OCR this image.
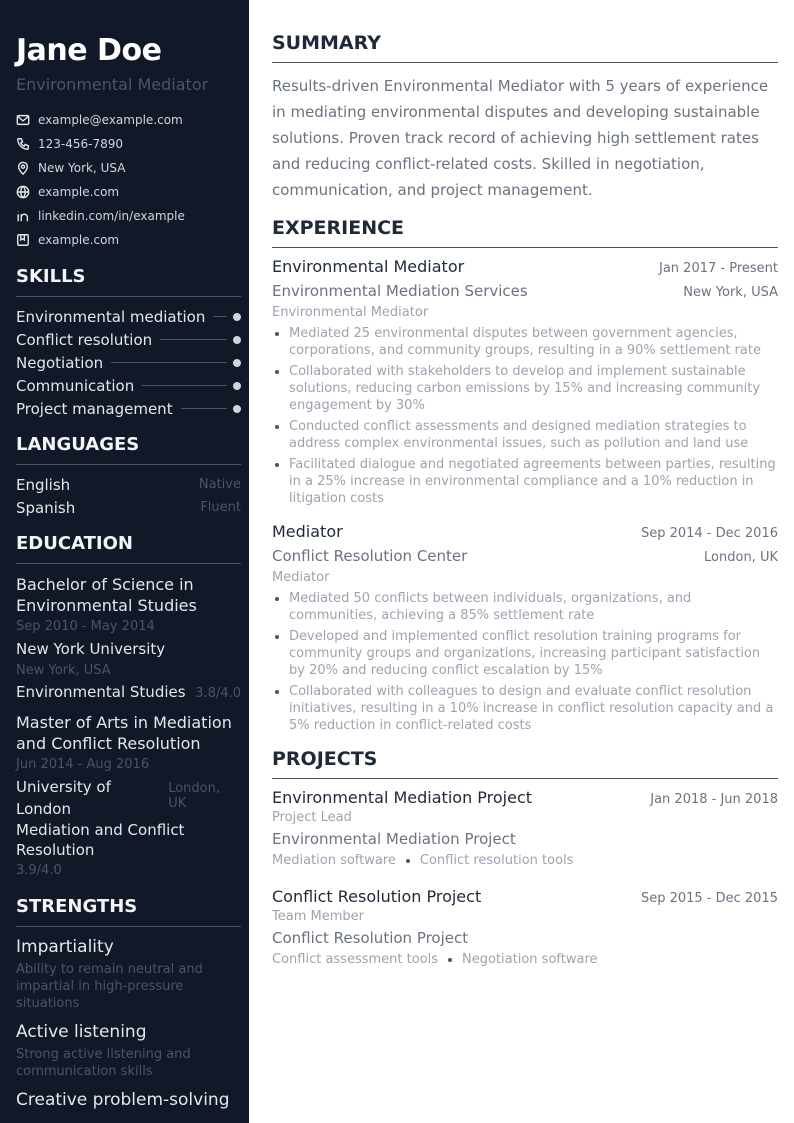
Jane Doe
Environmental Mediator
example@example.com
123-456-7890
New York, USA
example.com
linkedin.com/in/example
example.com
SKILLS
Environmental mediation
Conflict resolution
Negotiation
Communication
Project management
LANGUAGES
English	Native
Spanish	Fluent
EDUCATION
Bachelor of Science in Environmental Studies
Sep 2010 - May 2014
New York University
New York, USA
Environmental Studies 3.8/4.0
Master of Arts in Mediation and Conflict Resolution
Jun 2014 - Aug 2016
University of London
London, UK
Mediation and Conflict Resolution
3.9/4.0
STRENGTHS
Impartiality
Ability to remain neutral and impartial in high-pressure situations
Active listening
Strong active listening and communication skills
Creative problem-solving
SUMMARY

Results-driven Environmental Mediator with 5 years of experience in mediating environmental disputes and developing sustainable solutions. Proven track record of achieving high settlement rates and reducing conflict-related costs. Skilled in negotiation, communication, and project management.

EXPERIENCE
Environmental Mediator	Jan 2017 - Present
Environmental Mediation Services	New York, USA
Environmental Mediator
Mediated 25 environmental disputes between government agencies, corporations, and community groups, resulting in a 90% settlement rate
Collaborated with stakeholders to develop and implement sustainable solutions, reducing carbon emissions by 15% and increasing community engagement by 30%
Conducted conflict assessments and designed mediation strategies to address complex environmental issues, such as pollution and land use
Facilitated dialogue and negotiated agreements between parties, resulting in a 25% increase in environmental compliance and a 10% reduction in litigation costs
Mediator	Sep 2014 - Dec 2016
Conflict Resolution Center	London, UK
Mediator
Mediated 50 conflicts between individuals, organizations, and communities, achieving a 85% settlement rate
Developed and implemented conflict resolution training programs for community groups and organizations, increasing participant satisfaction by 20% and reducing conflict escalation by 15%
Collaborated with colleagues to design and evaluate conflict resolution initiatives, resulting in a 10% increase in conflict resolution capacity and a 5% reduction in conflict-related costs
PROJECTS
Environmental Mediation Project	Jan 2018 - Jun 2018
Project Lead
Environmental Mediation Project
Mediation software Conflict resolution tools
Conflict Resolution Project	Sep 2015 - Dec 2015
Team Member
Conflict Resolution Project
Conflict assessment tools Negotiation software
